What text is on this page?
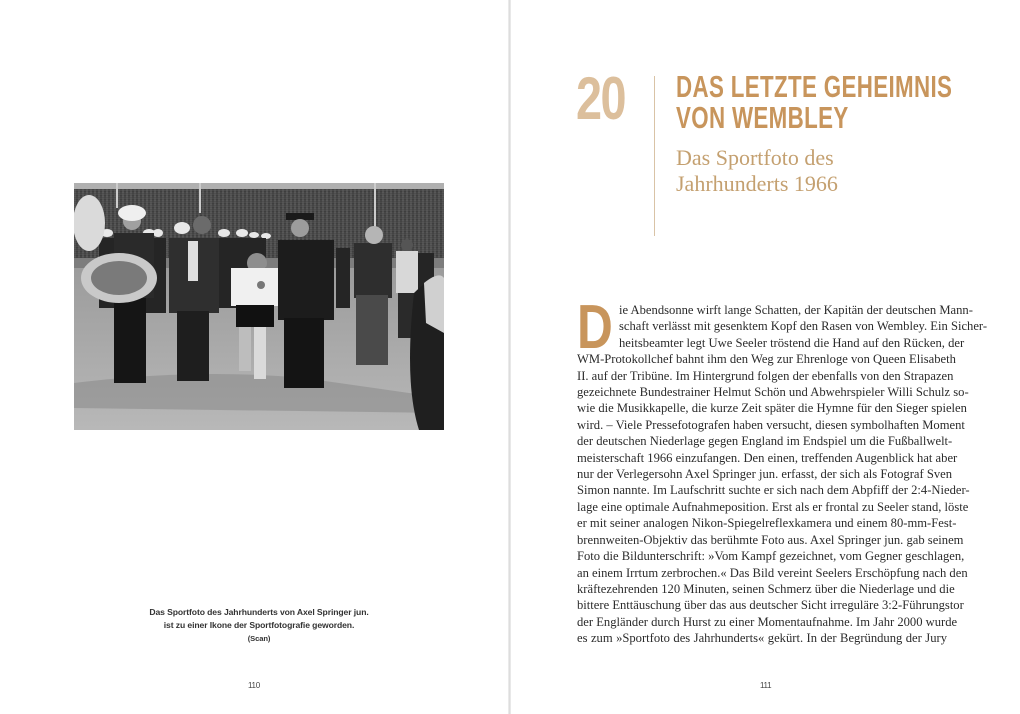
Das Sportfoto des Jahrhunderts von Axel Springer jun.
ist zu einer Ikone der Sportfotografie geworden.
(Scan)
110
20 DAS LETZTE GEHEIMNIS
VON WEMBLEY
Das Sportfoto des
Jahrhunderts 1966
D ie Abendsonne wirft lange Schatten, der Kapitän der deutschen Mann-
schaft verlässt mit gesenktem Kopf den Rasen von Wembley. Ein Sicher-
heitsbeamter legt Uwe Seeler tröstend die Hand auf den Rücken, der
WM-Protokollchef bahnt ihm den Weg zur Ehrenloge von Queen Elisabeth
II. auf der Tribüne. Im Hintergrund folgen der ebenfalls von den Strapazen
gezeichnete Bundestrainer Helmut Schön und Abwehrspieler Willi Schulz so-
wie die Musikkapelle, die kurze Zeit später die Hymne für den Sieger spielen
wird. – Viele Pressefotografen haben versucht, diesen symbolhaften Moment
der deutschen Niederlage gegen England im Endspiel um die Fußballwelt-
meisterschaft 1966 einzufangen. Den einen, treffenden Augenblick hat aber
nur der Verlegersohn Axel Springer jun. erfasst, der sich als Fotograf Sven
Simon nannte. Im Laufschritt suchte er sich nach dem Abpfiff der 2:4-Nieder-
lage eine optimale Aufnahmeposition. Erst als er frontal zu Seeler stand, löste
er mit seiner analogen Nikon-Spiegelreflexkamera und einem 80-mm-Fest-
brennweiten-Objektiv das berühmte Foto aus. Axel Springer jun. gab seinem
Foto die Bildunterschrift: »Vom Kampf gezeichnet, vom Gegner geschlagen,
an einem Irrtum zerbrochen.« Das Bild vereint Seelers Erschöpfung nach den
kräftezehrenden 120 Minuten, seinen Schmerz über die Niederlage und die
bittere Enttäuschung über das aus deutscher Sicht irreguläre 3:2-Führungstor
der Engländer durch Hurst zu einer Momentaufnahme. Im Jahr 2000 wurde
es zum »Sportfoto des Jahrhunderts« gekürt. In der Begründung der Jury
111
